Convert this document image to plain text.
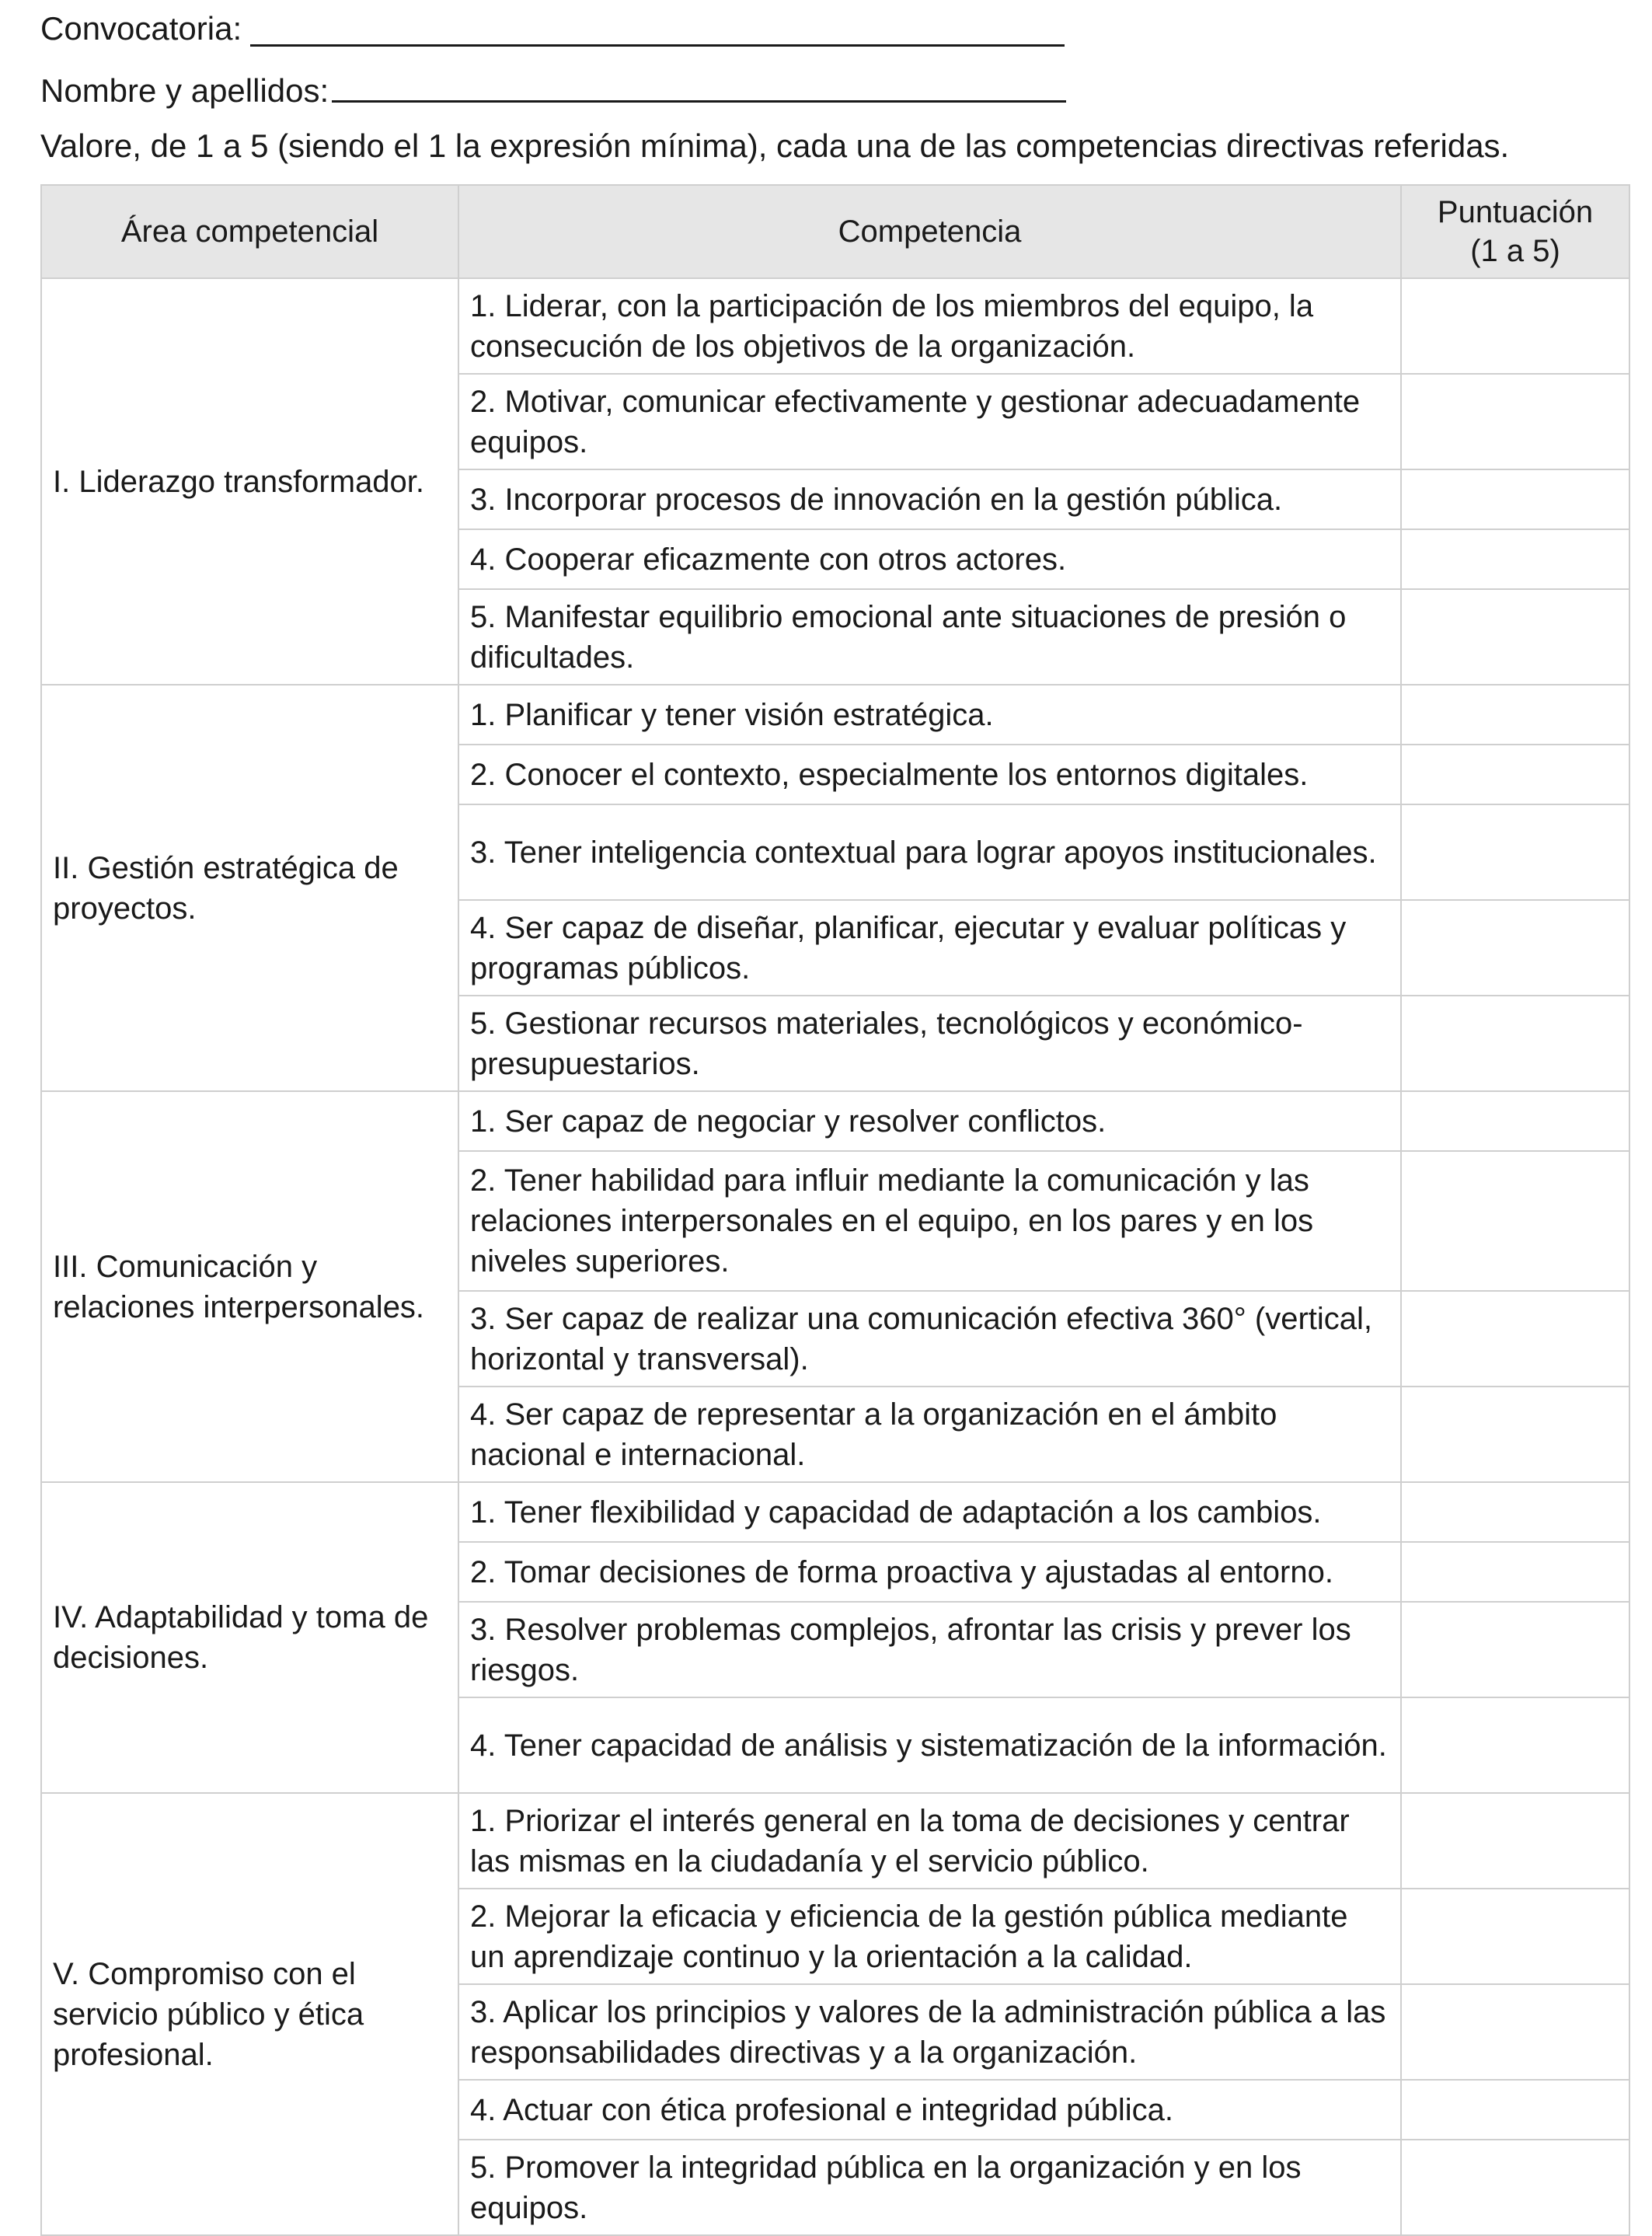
Convocatoria:
Nombre y apellidos:
Valore, de 1 a 5 (siendo el 1 la expresión mínima), cada una de las competencias directivas referidas.
Área competencial	Competencia	Puntuación
(1 a 5)
I. Liderazgo transformador.	1. Liderar, con la participación de los miembros del equipo, la consecución de los objetivos de la organización.	
	2. Motivar, comunicar efectivamente y gestionar adecuadamente equipos.	
	3. Incorporar procesos de innovación en la gestión pública.	
	4. Cooperar eficazmente con otros actores.	
	5. Manifestar equilibrio emocional ante situaciones de presión o dificultades.	
II. Gestión estratégica de proyectos.	1. Planificar y tener visión estratégica.	
	2. Conocer el contexto, especialmente los entornos digitales.	
	3. Tener inteligencia contextual para lograr apoyos institucionales.	
	4. Ser capaz de diseñar, planificar, ejecutar y evaluar políticas y programas públicos.	
	5. Gestionar recursos materiales, tecnológicos y económico-presupuestarios.	
III. Comunicación y relaciones interpersonales.	1. Ser capaz de negociar y resolver conflictos.	
	2. Tener habilidad para influir mediante la comunicación y las relaciones interpersonales en el equipo, en los pares y en los niveles superiores.	
	3. Ser capaz de realizar una comunicación efectiva 360° (vertical, horizontal y transversal).	
	4. Ser capaz de representar a la organización en el ámbito nacional e internacional.	
IV. Adaptabilidad y toma de decisiones.	1. Tener flexibilidad y capacidad de adaptación a los cambios.	
	2. Tomar decisiones de forma proactiva y ajustadas al entorno.	
	3. Resolver problemas complejos, afrontar las crisis y prever los riesgos.	
	4. Tener capacidad de análisis y sistematización de la información.	
V. Compromiso con el servicio público y ética profesional.	1. Priorizar el interés general en la toma de decisiones y centrar las mismas en la ciudadanía y el servicio público.	
	2. Mejorar la eficacia y eficiencia de la gestión pública mediante un aprendizaje continuo y la orientación a la calidad.	
	3. Aplicar los principios y valores de la administración pública a las responsabilidades directivas y a la organización.	
	4. Actuar con ética profesional e integridad pública.	
	5. Promover la integridad pública en la organización y en los equipos.	
